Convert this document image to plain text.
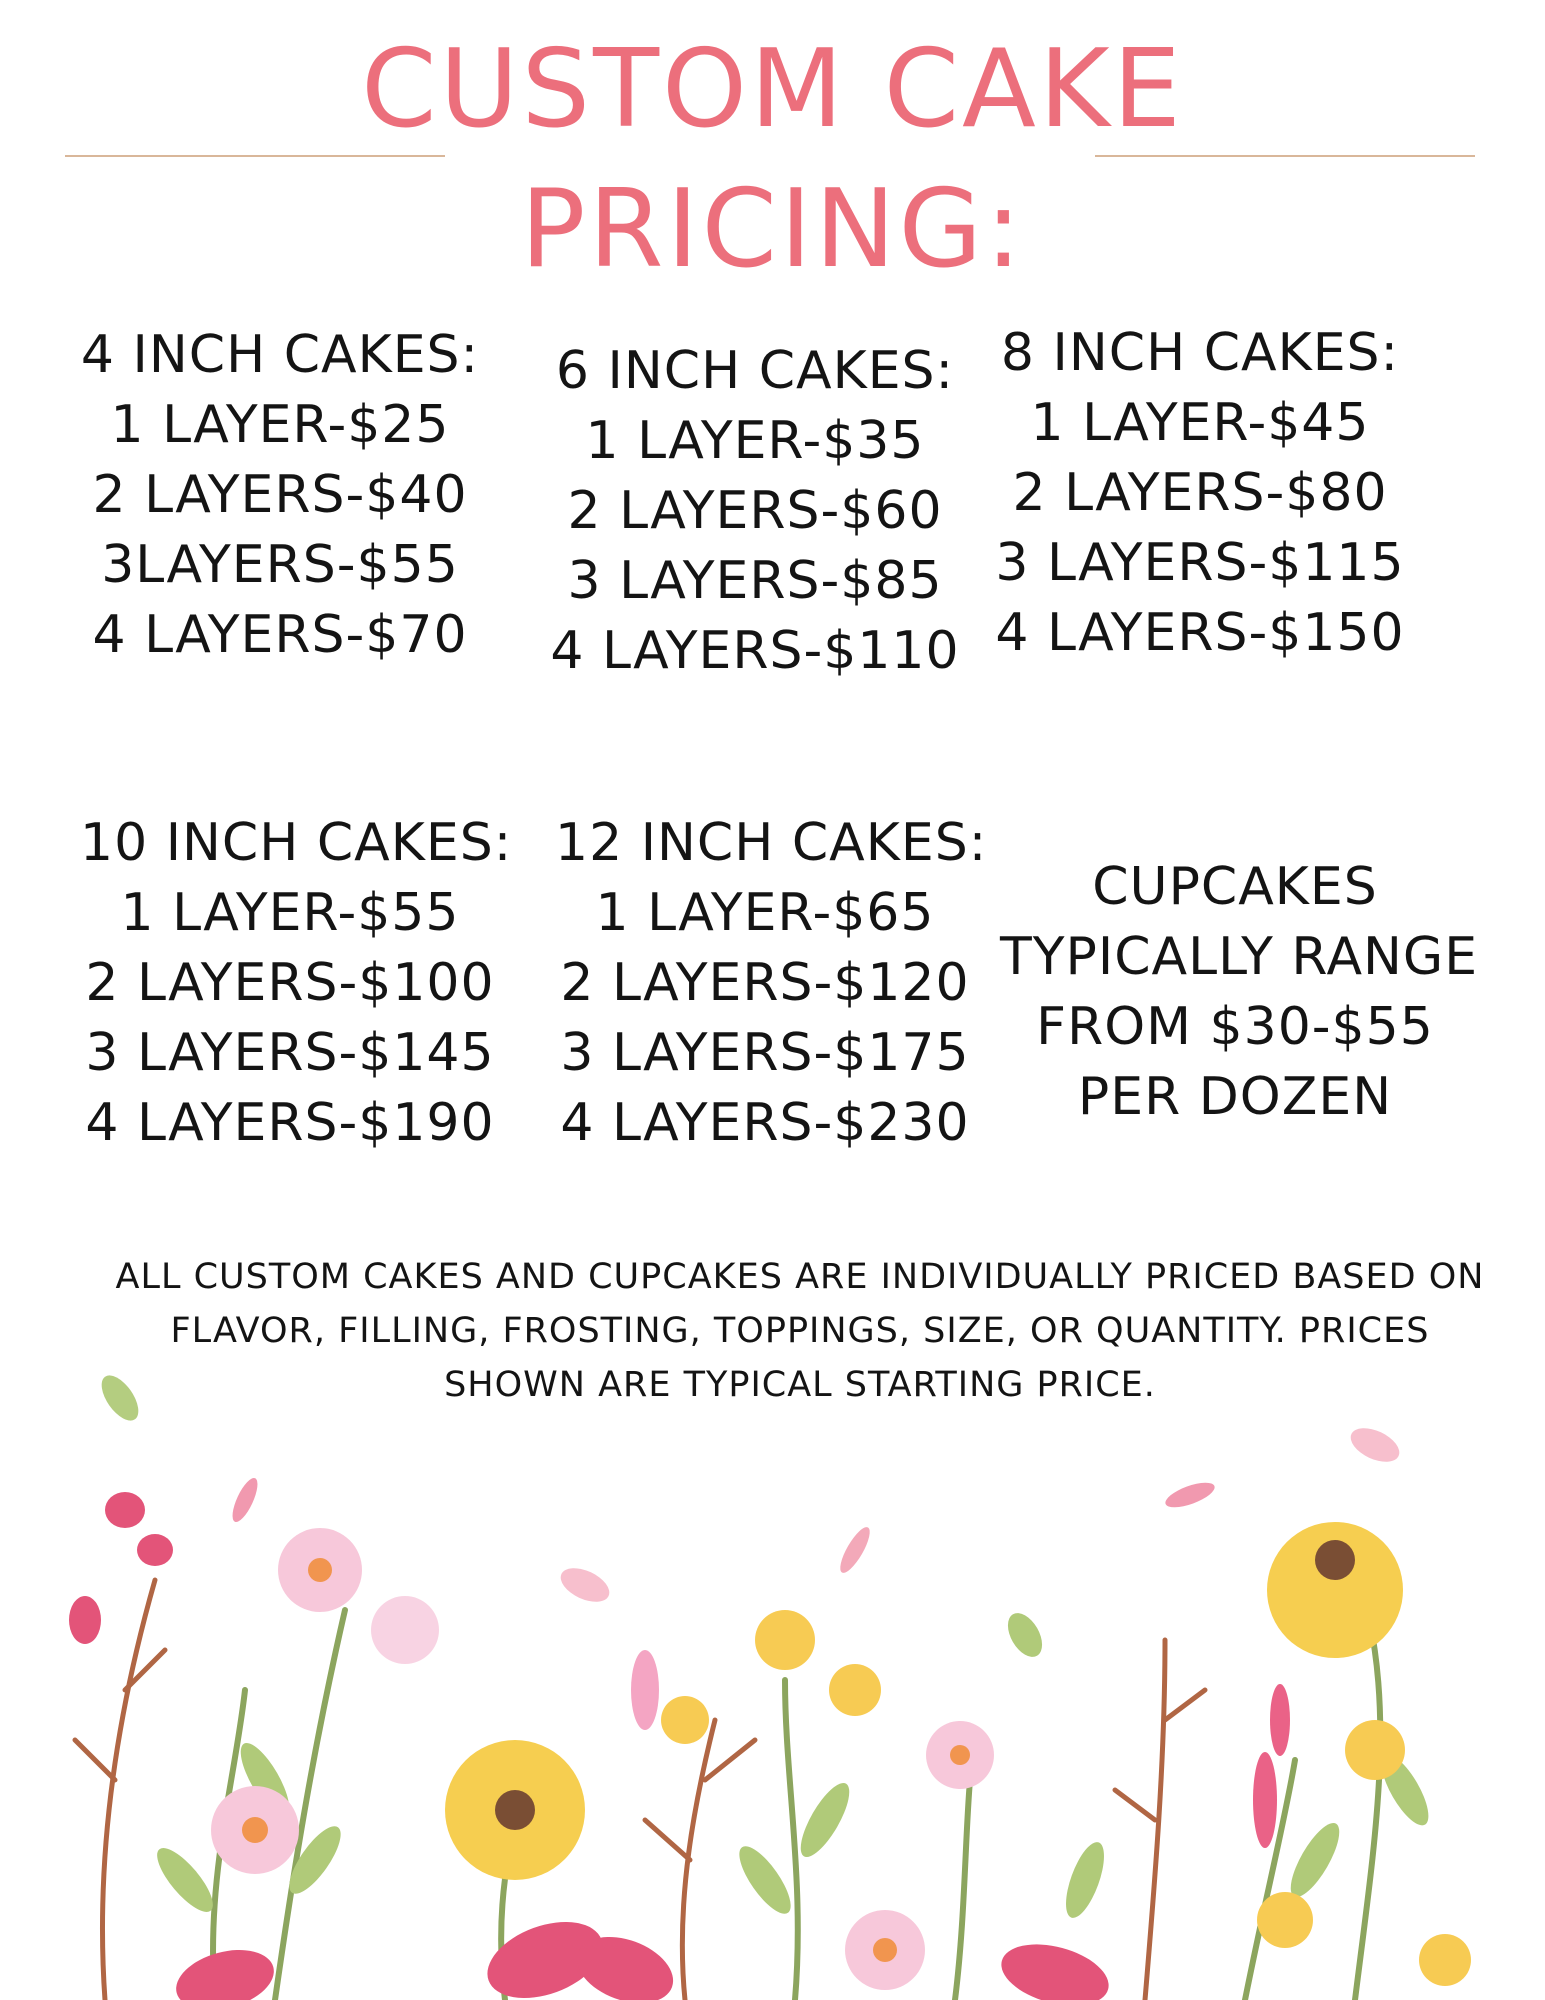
CUSTOM CAKE
PRICING:
4 INCH CAKES:
1 LAYER-$25
2 LAYERS-$40
3LAYERS-$55
4 LAYERS-$70
6 INCH CAKES:
1 LAYER-$35
2 LAYERS-$60
3 LAYERS-$85
4 LAYERS-$110
8 INCH CAKES:
1 LAYER-$45
2 LAYERS-$80
3 LAYERS-$115
4 LAYERS-$150
10 INCH CAKES:
1 LAYER-$55
2 LAYERS-$100
3 LAYERS-$145
4 LAYERS-$190
12 INCH CAKES:
1 LAYER-$65
2 LAYERS-$120
3 LAYERS-$175
4 LAYERS-$230
CUPCAKES
TYPICALLY RANGE
FROM $30-$55
PER DOZEN
ALL CUSTOM CAKES AND CUPCAKES ARE INDIVIDUALLY PRICED BASED ON FLAVOR, FILLING, FROSTING, TOPPINGS, SIZE, OR QUANTITY. PRICES SHOWN ARE TYPICAL STARTING PRICE.
